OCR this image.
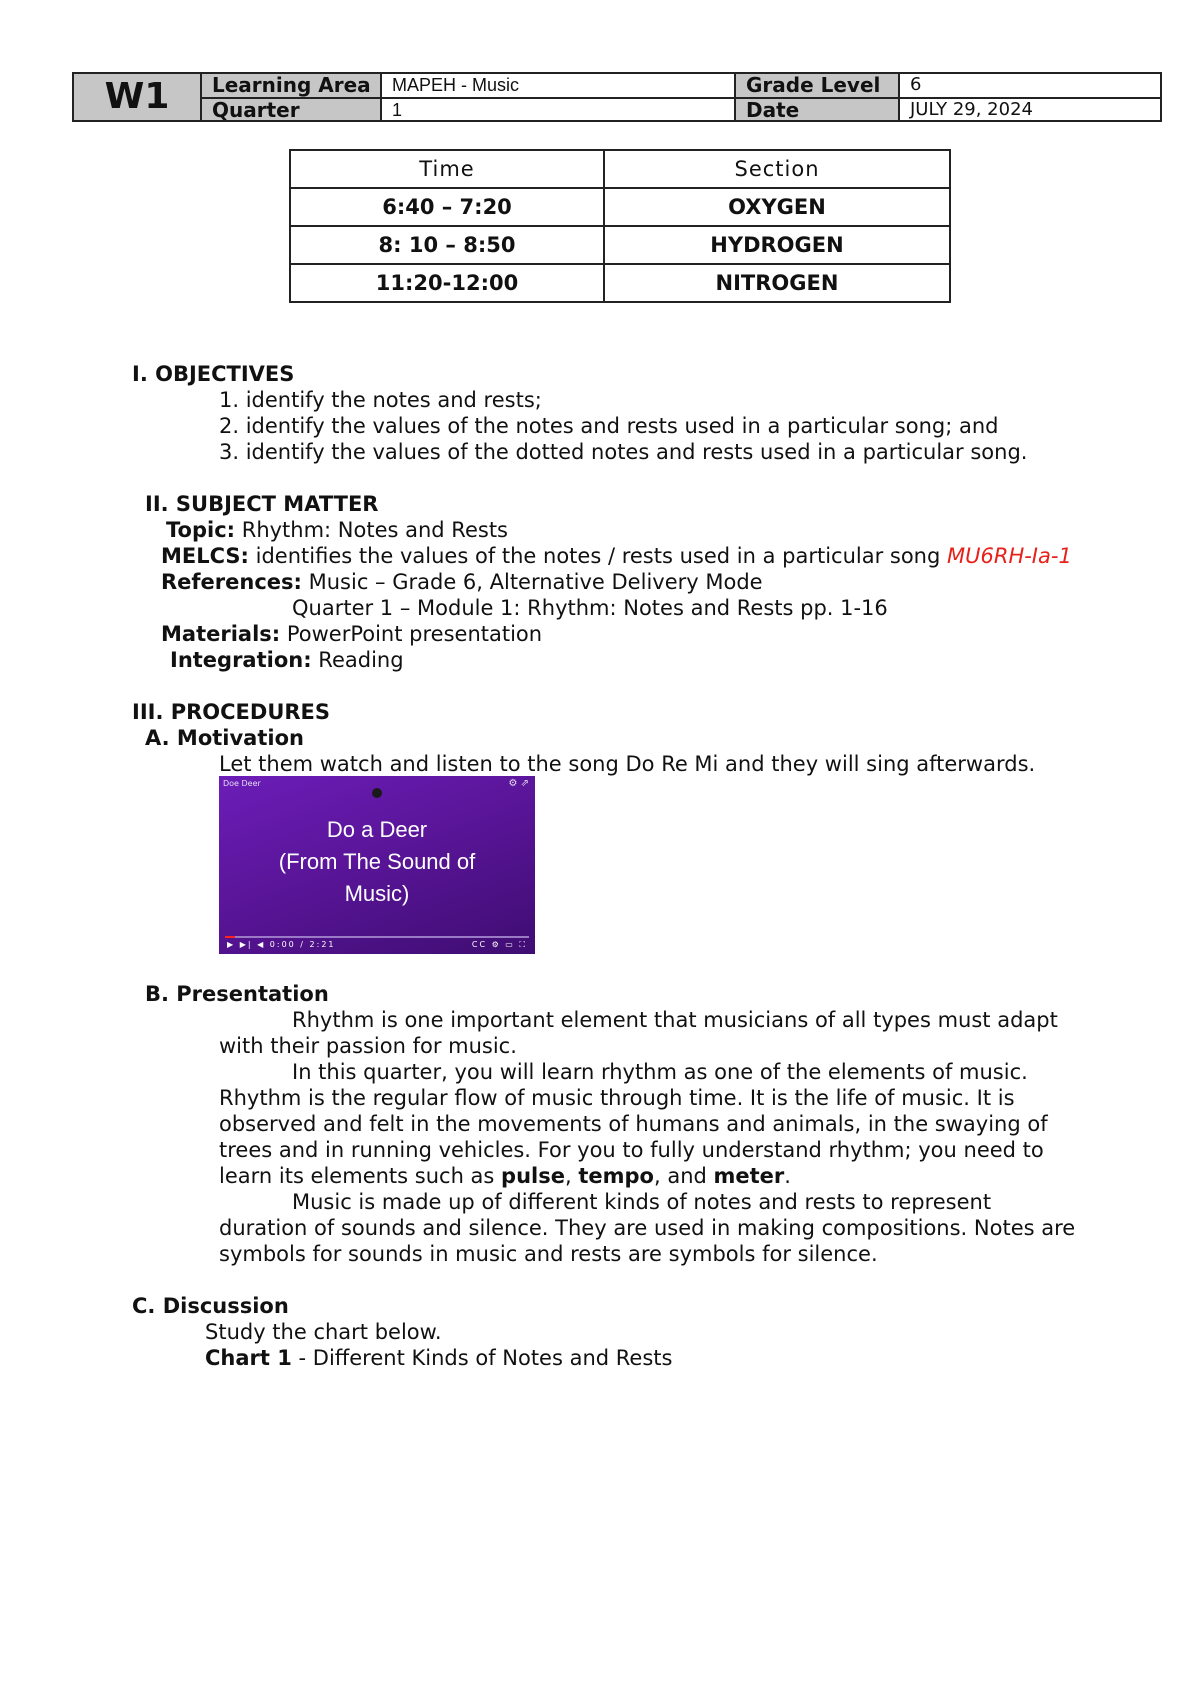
W1	Learning Area	MAPEH - Music	Grade Level	6
Quarter	1	Date	JULY 29, 2024
Time	Section
6:40 – 7:20	OXYGEN
8: 10 – 8:50	HYDROGEN
11:20-12:00	NITROGEN
I. OBJECTIVES
1. identify the notes and rests;
2. identify the values of the notes and rests used in a particular song; and
3. identify the values of the dotted notes and rests used in a particular song.
II. SUBJECT MATTER
Topic: Rhythm: Notes and Rests
MELCS: identifies the values of the notes / rests used in a particular song MU6RH-Ia-1
References: Music – Grade 6, Alternative Delivery Mode
Quarter 1 – Module 1: Rhythm: Notes and Rests pp. 1-16
Materials: PowerPoint presentation
Integration: Reading
III. PROCEDURES
A. Motivation
Let them watch and listen to the song Do Re Mi and they will sing afterwards.
Doe Deer	⚙ ⇗
Do a Deer
(From The Sound of
Music)
▶ ▶| ◀ 0:00 / 2:21	CC ⚙ ▭ ⛶
B. Presentation
Rhythm is one important element that musicians of all types must adapt
with their passion for music.
In this quarter, you will learn rhythm as one of the elements of music.
Rhythm is the regular flow of music through time. It is the life of music. It is
observed and felt in the movements of humans and animals, in the swaying of
trees and in running vehicles. For you to fully understand rhythm; you need to
learn its elements such as pulse, tempo, and meter.
Music is made up of different kinds of notes and rests to represent
duration of sounds and silence. They are used in making compositions. Notes are
symbols for sounds in music and rests are symbols for silence.
C. Discussion
Study the chart below.
Chart 1 - Different Kinds of Notes and Rests
